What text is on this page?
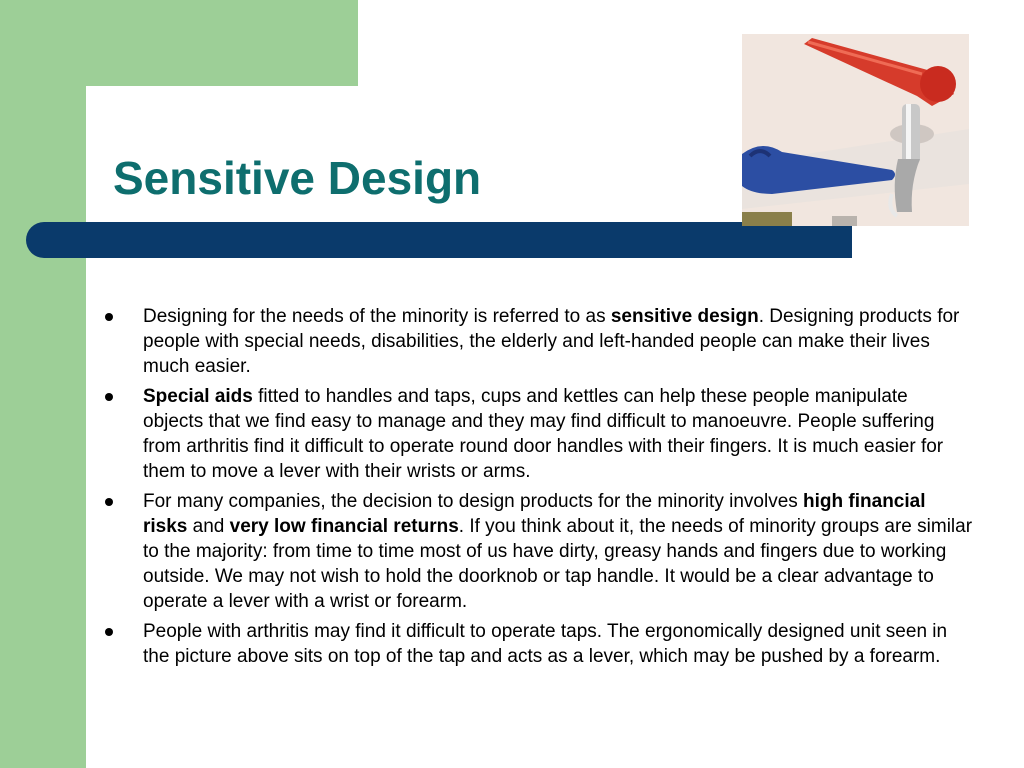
Sensitive Design
Designing for the needs of the minority is referred to as sensitive design. Designing products for people with special needs, disabilities, the elderly and left-handed people can make their lives much easier.
Special aids fitted to handles and taps, cups and kettles can help these people manipulate objects that we find easy to manage and they may find difficult to manoeuvre. People suffering from arthritis find it difficult to operate round door handles with their fingers. It is much easier for them to move a lever with their wrists or arms.
For many companies, the decision to design products for the minority involves high financial risks and very low financial returns. If you think about it, the needs of minority groups are similar to the majority: from time to time most of us have dirty, greasy hands and fingers due to working outside. We may not wish to hold the doorknob or tap handle. It would be a clear advantage to operate a lever with a wrist or forearm.
People with arthritis may find it difficult to operate taps. The ergonomically designed unit seen in the picture above sits on top of the tap and acts as a lever, which may be pushed by a forearm.
